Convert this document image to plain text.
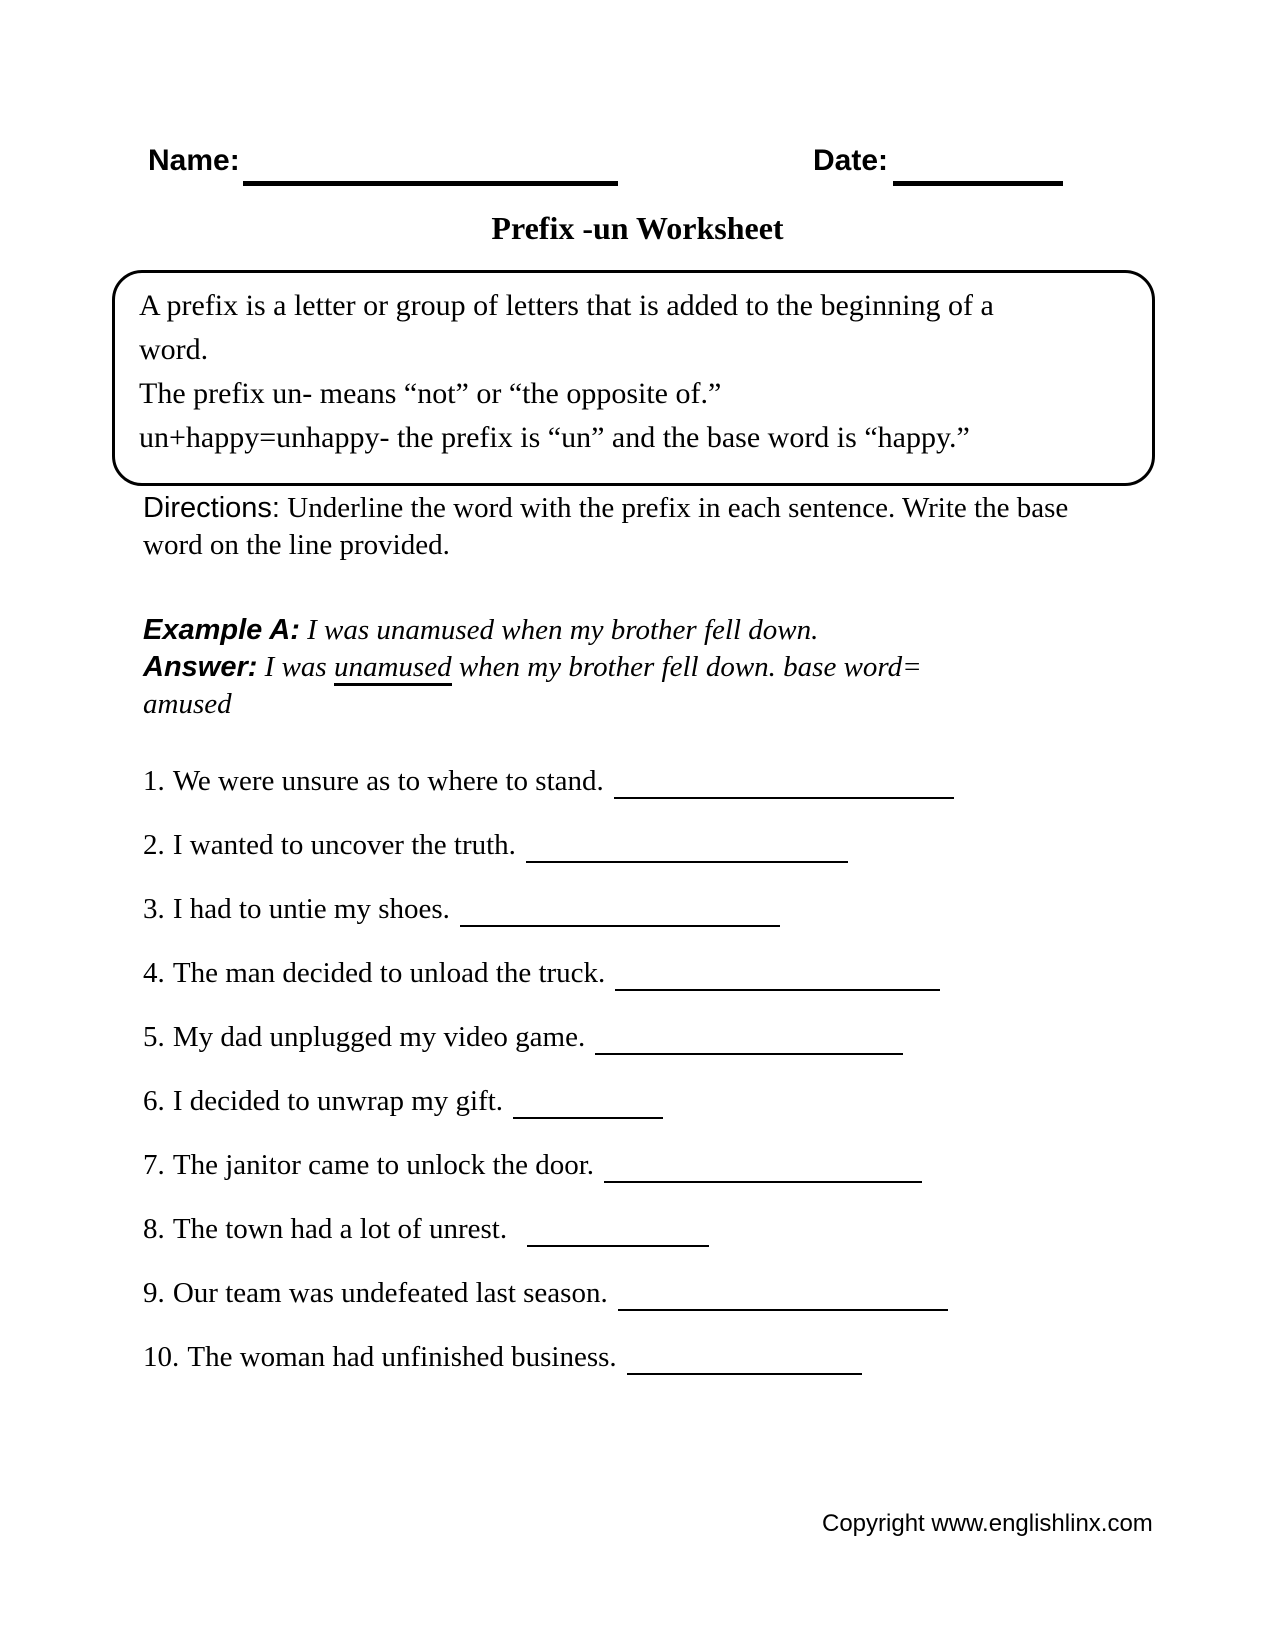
Name:	Date:
Prefix -un Worksheet
A prefix is a letter or group of letters that is added to the beginning of a
word.
The prefix un- means “not” or “the opposite of.”
un+happy=unhappy- the prefix is “un” and the base word is “happy.”
Directions: Underline the word with the prefix in each sentence. Write the base word on the line provided.
Example A: I was unamused when my brother fell down.
Answer: I was unamused when my brother fell down. base word=
amused
1. We were unsure as to where to stand.
2. I wanted to uncover the truth.
3. I had to untie my shoes.
4. The man decided to unload the truck.
5. My dad unplugged my video game.
6. I decided to unwrap my gift.
7. The janitor came to unlock the door.
8. The town had a lot of unrest.
9. Our team was undefeated last season.
10. The woman had unfinished business.
Copyright www.englishlinx.com
